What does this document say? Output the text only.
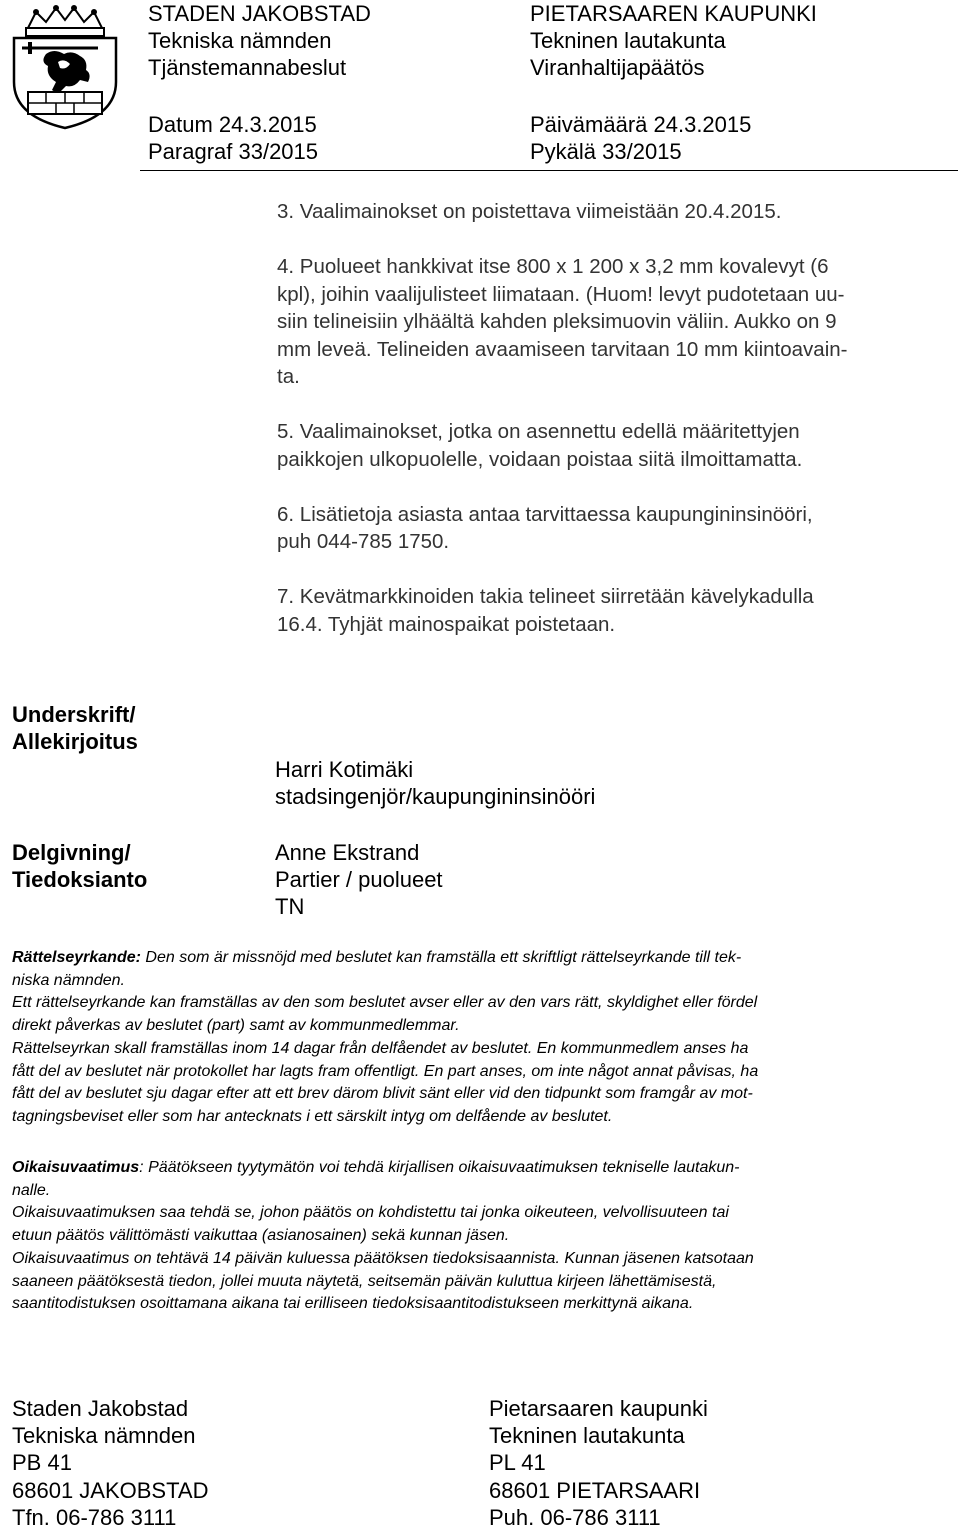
STADEN JAKOBSTAD
Tekniska nämnden
Tjänstemannabeslut
Datum 24.3.2015
Paragraf 33/2015
PIETARSAAREN KAUPUNKI
Tekninen lautakunta
Viranhaltijapäätös
Päivämäärä 24.3.2015
Pykälä 33/2015

3. Vaalimainokset on poistettava viimeistään 20.4.2015.

4. Puolueet hankkivat itse 800 x 1 200 x 3,2 mm kovalevyt (6
kpl), joihin vaalijulisteet liimataan. (Huom! levyt pudotetaan uu-
siin telineisiin ylhäältä kahden pleksimuovin väliin. Aukko on 9
mm leveä. Telineiden avaamiseen tarvitaan 10 mm kiintoavain-
ta.

5. Vaalimainokset, jotka on asennettu edellä määritettyjen
paikkojen ulkopuolelle, voidaan poistaa siitä ilmoittamatta.

6. Lisätietoja asiasta antaa tarvittaessa kaupungininsinööri,
puh 044-785 1750.

7. Kevätmarkkinoiden takia telineet siirretään kävelykadulla
16.4. Tyhjät mainospaikat poistetaan.

Underskrift/
Allekirjoitus
Harri Kotimäki
stadsingenjör/kaupungininsinööri
Delgivning/
Tiedoksianto
Anne Ekstrand
Partier / puolueet
TN

Rättelseyrkande: Den som är missnöjd med beslutet kan framställa ett skriftligt rättelseyrkande till tek-

niska nämnden.

Ett rättelseyrkande kan framställas av den som beslutet avser eller av den vars rätt, skyldighet eller fördel

direkt påverkas av beslutet (part) samt av kommunmedlemmar.

Rättelseyrkan skall framställas inom 14 dagar från delfåendet av beslutet. En kommunmedlem anses ha

fått del av beslutet när protokollet har lagts fram offentligt. En part anses, om inte något annat påvisas, ha

fått del av beslutet sju dagar efter att ett brev därom blivit sänt eller vid den tidpunkt som framgår av mot-

tagningsbeviset eller som har antecknats i ett särskilt intyg om delfående av beslutet.

Oikaisuvaatimus: Päätökseen tyytymätön voi tehdä kirjallisen oikaisuvaatimuksen tekniselle lautakun-

nalle.

Oikaisuvaatimuksen saa tehdä se, johon päätös on kohdistettu tai jonka oikeuteen, velvollisuuteen tai

etuun päätös välittömästi vaikuttaa (asianosainen) sekä kunnan jäsen.

Oikaisuvaatimus on tehtävä 14 päivän kuluessa päätöksen tiedoksisaannista. Kunnan jäsenen katsotaan

saaneen päätöksestä tiedon, jollei muuta näytetä, seitsemän päivän kuluttua kirjeen lähettämisestä,

saantitodistuksen osoittamana aikana tai erilliseen tiedoksisaantitodistukseen merkittynä aikana.

Staden Jakobstad
Tekniska nämnden
PB 41
68601 JAKOBSTAD
Tfn. 06-786 3111
Pietarsaaren kaupunki
Tekninen lautakunta
PL 41
68601 PIETARSAARI
Puh. 06-786 3111
